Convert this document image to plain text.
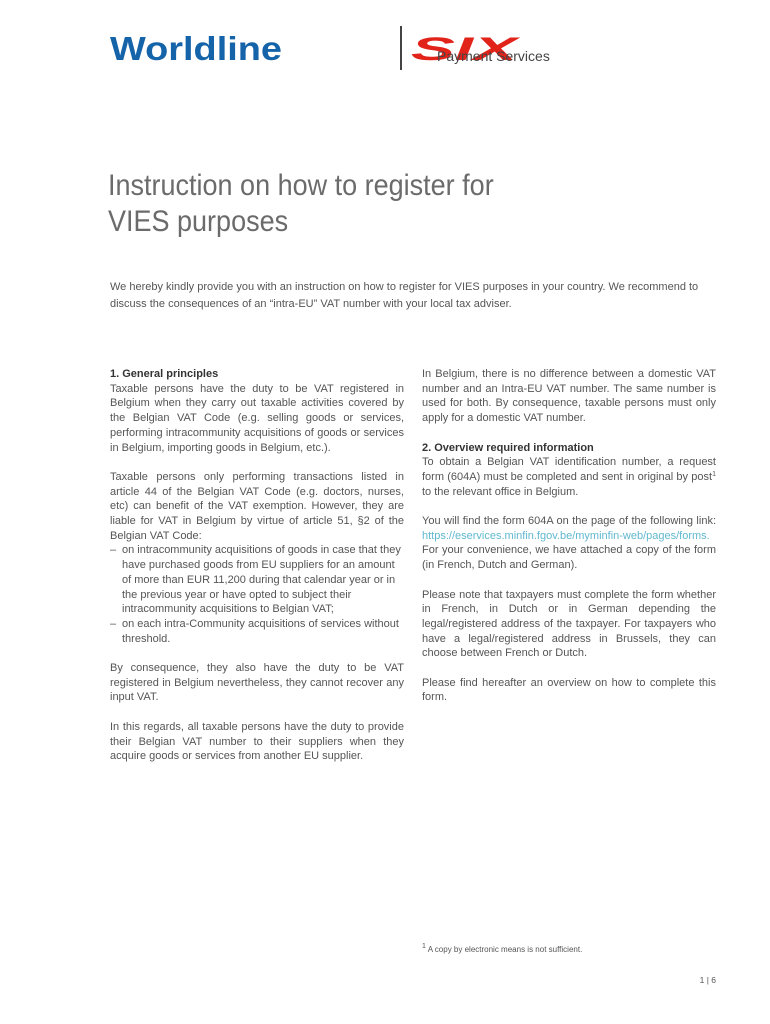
Worldline	SIX
Payment Services
Instruction on how to register for
VIES purposes

We hereby kindly provide you with an instruction on how to register for VIES purposes in your country. We recommend to discuss the consequences of an “intra-EU” VAT number with your local tax adviser.

1. General principles

Taxable persons have the duty to be VAT registered in Belgium when they carry out taxable activities covered by the Belgian VAT Code (e.g. selling goods or services, performing intracommunity acquisitions of goods or services in Belgium, importing goods in Belgium, etc.).

Taxable persons only performing transactions listed in article 44 of the Belgian VAT Code (e.g. doctors, nurses, etc) can benefit of the VAT exemption. However, they are liable for VAT in Belgium by virtue of article 51, §2 of the Belgian VAT Code:

– on intracommunity acquisitions of goods in case that they have purchased goods from EU suppliers for an amount of more than EUR 11,200 during that calendar year or in the previous year or have opted to subject their intracommunity acquisitions to Belgian VAT;
– on each intra-Community acquisitions of services without threshold.

By consequence, they also have the duty to be VAT registered in Belgium nevertheless, they cannot recover any input VAT.

In this regards, all taxable persons have the duty to provide their Belgian VAT number to their suppliers when they acquire goods or services from another EU supplier.

In Belgium, there is no difference between a domestic VAT number and an Intra-EU VAT number. The same number is used for both. By consequence, taxable persons must only apply for a domestic VAT number.

2. Overview required information

To obtain a Belgian VAT identification number, a request form (604A) must be completed and sent in original by post$^1$ to the relevant office in Belgium.

You will find the form 604A on the page of the following link: https://eservices.minfin.fgov.be/myminfin-web/pages/forms. For your convenience, we have attached a copy of the form (in French, Dutch and German).

Please note that taxpayers must complete the form whether in French, in Dutch or in German depending the legal/registered address of the taxpayer. For taxpayers who have a legal/registered address in Brussels, they can choose between French or Dutch.

Please find hereafter an overview on how to complete this form.

$^1$ A copy by electronic means is not sufficient.
1 | 6
